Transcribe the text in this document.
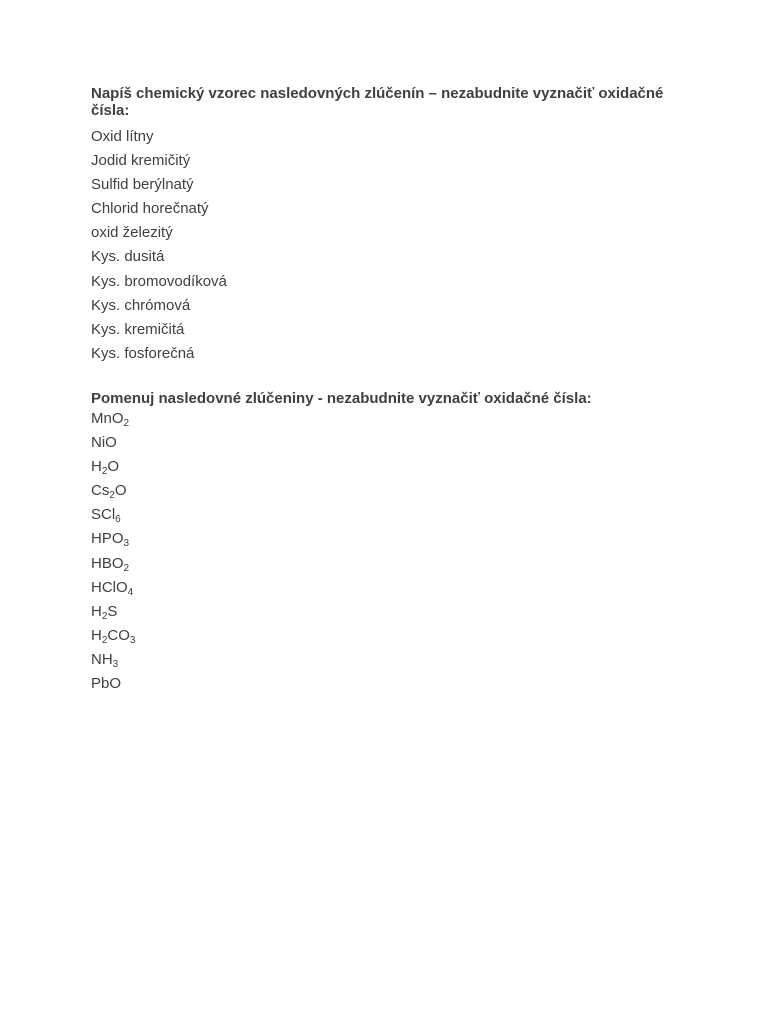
Napíš chemický vzorec nasledovných zlúčenín – nezabudnite vyznačiť oxidačné čísla:
Oxid lítny
Jodid kremičitý
Sulfid berýlnatý
Chlorid horečnatý
oxid železitý
Kys. dusitá
Kys. bromovodíková
Kys. chrómová
Kys. kremičitá
Kys. fosforečná
Pomenuj nasledovné zlúčeniny - nezabudnite vyznačiť oxidačné čísla:
MnO$_2$
NiO
$H_2O$
$Cs_2O$
SCl$_6$
$HPO_3$
$HBO_2$
HClO$_4$
$H_2S$
$H_2CO_3$
$NH_3$
PbO
